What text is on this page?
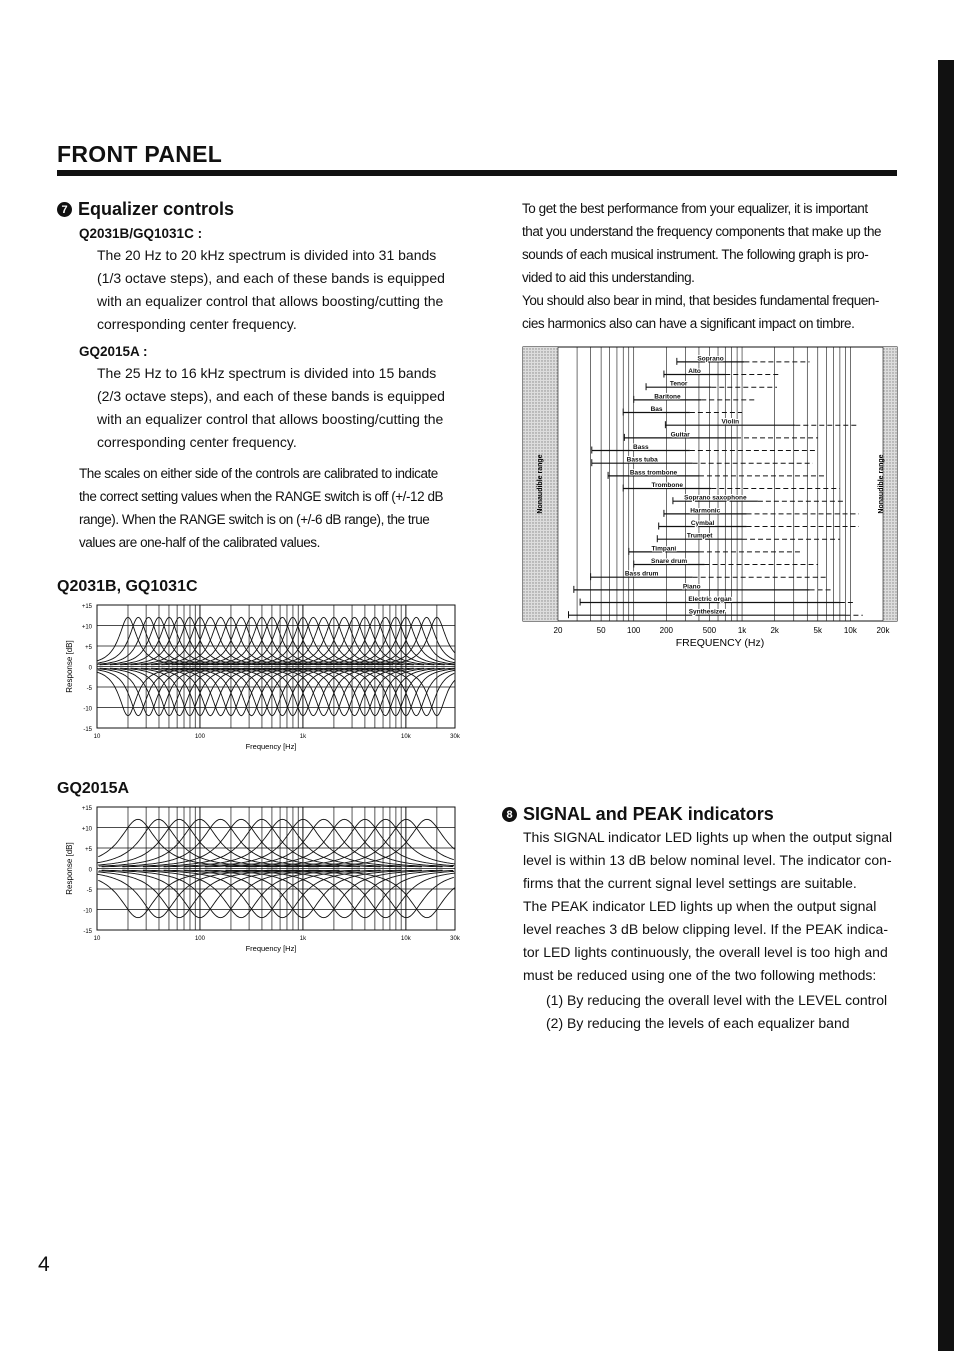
FRONT PANEL
7 Equalizer controls
Q2031B/GQ1031C :
The 20 Hz to 20 kHz spectrum is divided into 31 bands
(1/3 octave steps), and each of these bands is equipped
with an equalizer control that allows boosting/cutting the
corresponding center frequency.
GQ2015A :
The 25 Hz to 16 kHz spectrum is divided into 15 bands
(2/3 octave steps), and each of these bands is equipped
with an equalizer control that allows boosting/cutting the
corresponding center frequency.
The scales on either side of the controls are calibrated to indicate
the correct setting values when the RANGE switch is off (+/-12 dB
range). When the RANGE switch is on (+/-6 dB range), the true
values are one-half of the calibrated values.
Q2031B, GQ1031C
+15
+10
+5
0
-5
-10
-15
10	100	1k	10k	30k
Frequency [Hz]
Response [dB]
GQ2015A
+15
+10
+5
0
-5
-10
-15
10	100	1k	10k	30k
Frequency [Hz]
Response [dB]
To get the best performance from your equalizer, it is important
that you understand the frequency components that make up the
sounds of each musical instrument. The following graph is pro-
vided to aid this understanding.
You should also bear in mind, that besides fundamental frequen-
cies harmonics also can have a significant impact on timbre.
Nonaudible range	Nonaudible range
Soprano
Alto
Tenor
Baritone
Bas
Violin
Guitar
Bass
Bass tuba
Bass trombone
Trombone
Soprano saxophone
Harmonic
Cymbal
Trumpet
Timpani
Snare drum
Bass drum
Piano
Electric organ
Synthesizer
20	50	100 200	500	1k	2k	5k	10k 20k
FREQUENCY (Hz)
8 SIGNAL and PEAK indicators
This SIGNAL indicator LED lights up when the output signal
level is within 13 dB below nominal level. The indicator con-
firms that the current signal level settings are suitable.
The PEAK indicator LED lights up when the output signal
level reaches 3 dB below clipping level. If the PEAK indica-
tor LED lights continuously, the overall level is too high and
must be reduced using one of the two following methods:
(1) By reducing the overall level with the LEVEL control
(2) By reducing the levels of each equalizer band
4
